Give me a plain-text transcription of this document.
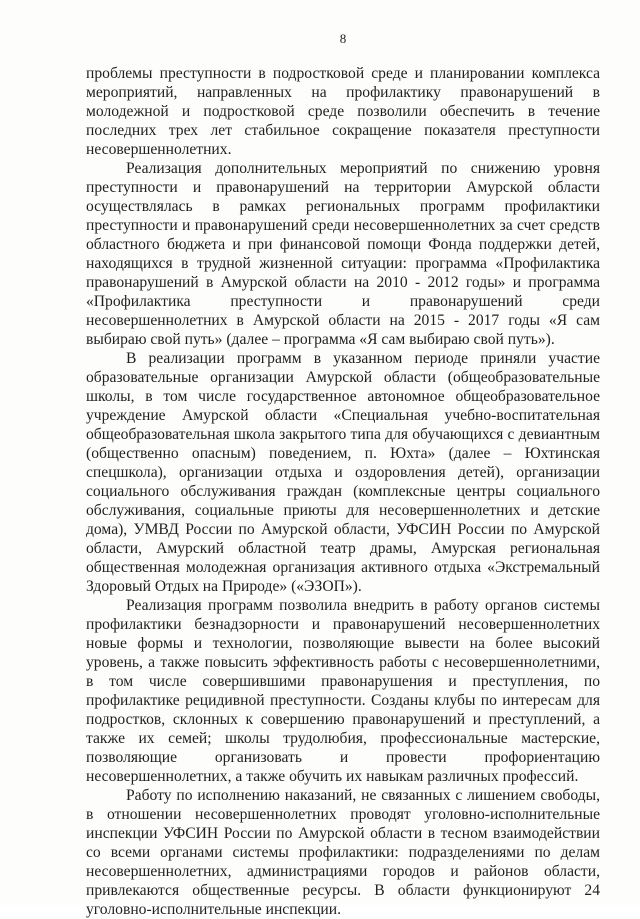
8

проблемы преступности в подростковой среде и планировании комплекса мероприятий, направленных на профилактику правонарушений в молодежной и подростковой среде позволили обеспечить в течение последних трех лет стабильное сокращение показателя преступности несовершеннолетних.

Реализация дополнительных мероприятий по снижению уровня преступности и правонарушений на территории Амурской области осуществлялась в рамках региональных программ профилактики преступности и правонарушений среди несовершеннолетних за счет средств областного бюджета и при финансовой помощи Фонда поддержки детей, находящихся в трудной жизненной ситуации: программа «Профилактика правонарушений в Амурской области на 2010 - 2012 годы» и программа «Профилактика преступности и правонарушений среди несовершеннолетних в Амурской области на 2015 - 2017 годы «Я сам выбираю свой путь» (далее – программа «Я сам выбираю свой путь»).

В реализации программ в указанном периоде приняли участие образовательные организации Амурской области (общеобразовательные школы, в том числе государственное автономное общеобразовательное учреждение Амурской области «Специальная учебно-воспитательная общеобразовательная школа закрытого типа для обучающихся с девиантным (общественно опасным) поведением, п. Юхта» (далее – Юхтинская спецшкола), организации отдыха и оздоровления детей), организации социального обслуживания граждан (комплексные центры социального обслуживания, социальные приюты для несовершеннолетних и детские дома), УМВД России по Амурской области, УФСИН России по Амурской области, Амурский областной театр драмы, Амурская региональная общественная молодежная организация активного отдыха «Экстремальный Здоровый Отдых на Природе» («ЭЗОП»).

Реализация программ позволила внедрить в работу органов системы профилактики безнадзорности и правонарушений несовершеннолетних новые формы и технологии, позволяющие вывести на более высокий уровень, а также повысить эффективность работы с несовершеннолетними, в том числе совершившими правонарушения и преступления, по профилактике рецидивной преступности. Созданы клубы по интересам для подростков, склонных к совершению правонарушений и преступлений, а также их семей; школы трудолюбия, профессиональные мастерские, позволяющие организовать и провести профориентацию несовершеннолетних, а также обучить их навыкам различных профессий.

Работу по исполнению наказаний, не связанных с лишением свободы, в отношении несовершеннолетних проводят уголовно-исполнительные инспекции УФСИН России по Амурской области в тесном взаимодействии со всеми органами системы профилактики: подразделениями по делам несовершеннолетних, администрациями городов и районов области, привлекаются общественные ресурсы. В области функционируют 24 уголовно-исполнительные инспекции.
